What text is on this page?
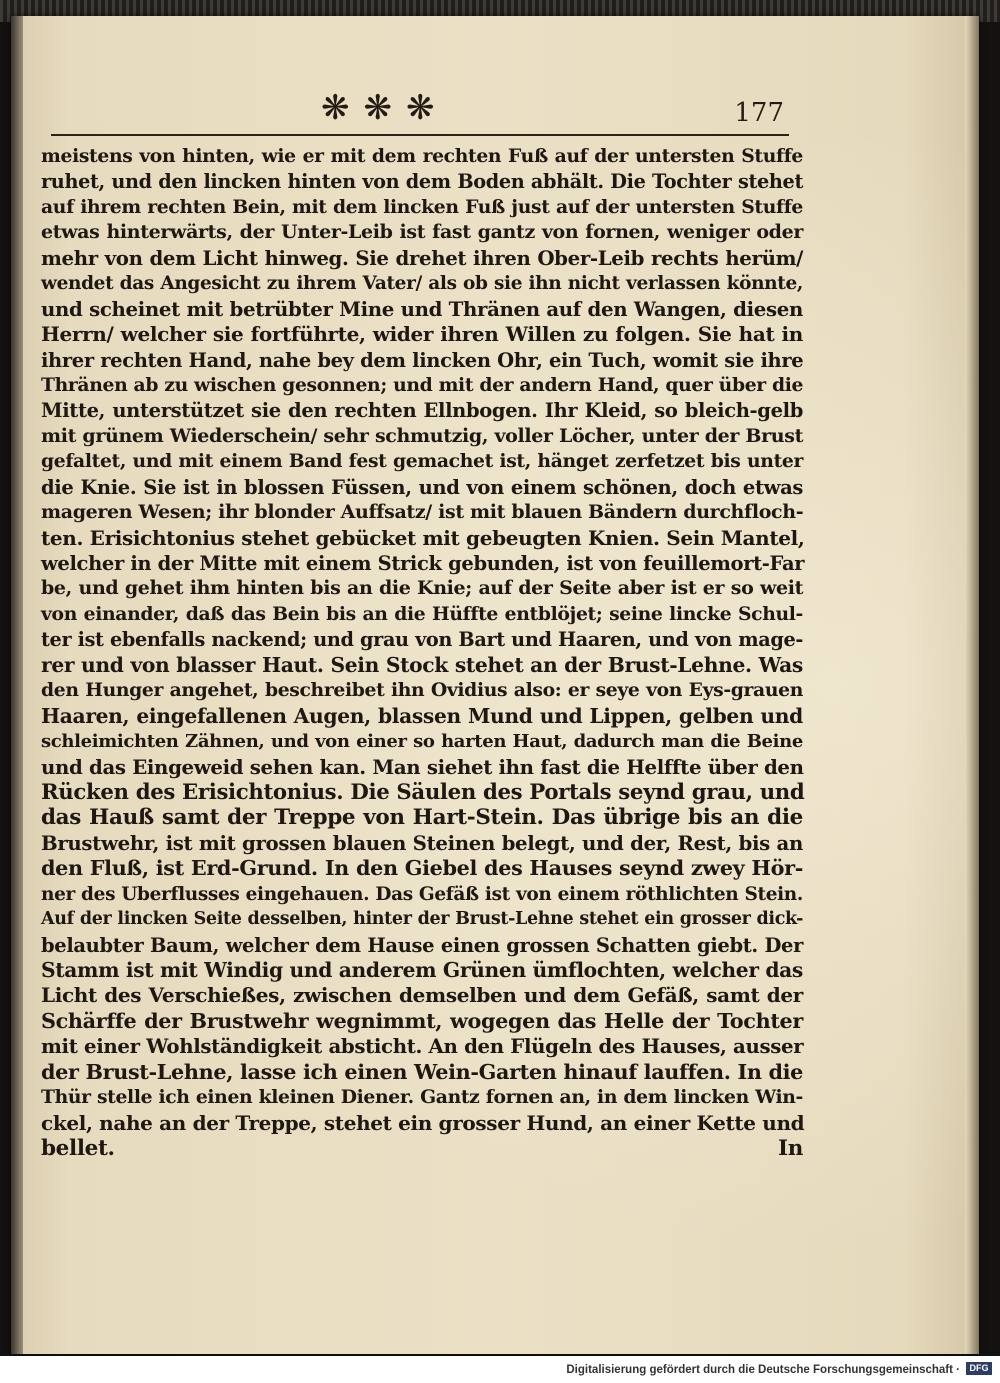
❋❋❋	177
meistens von hinten, wie er mit dem rechten Fuß auf der untersten Stuffe
ruhet, und den lincken hinten von dem Boden abhält. Die Tochter stehet
auf ihrem rechten Bein, mit dem lincken Fuß just auf der untersten Stuffe
etwas hinterwärts, der Unter-Leib ist fast gantz von fornen, weniger oder
mehr von dem Licht hinweg. Sie drehet ihren Ober-Leib rechts herüm/
wendet das Angesicht zu ihrem Vater/ als ob sie ihn nicht verlassen könnte,
und scheinet mit betrübter Mine und Thränen auf den Wangen, diesen
Herrn/ welcher sie fortführte, wider ihren Willen zu folgen. Sie hat in
ihrer rechten Hand, nahe bey dem lincken Ohr, ein Tuch, womit sie ihre
Thränen ab zu wischen gesonnen; und mit der andern Hand, quer über die
Mitte, unterstützet sie den rechten Ellnbogen. Ihr Kleid, so bleich-gelb
mit grünem Wiederschein/ sehr schmutzig, voller Löcher, unter der Brust
gefaltet, und mit einem Band fest gemachet ist, hänget zerfetzet bis unter
die Knie. Sie ist in blossen Füssen, und von einem schönen, doch etwas
mageren Wesen; ihr blonder Auffsatz/ ist mit blauen Bändern durchfloch-
ten. Erisichtonius stehet gebücket mit gebeugten Knien. Sein Mantel,
welcher in der Mitte mit einem Strick gebunden, ist von feuillemort-Far
be, und gehet ihm hinten bis an die Knie; auf der Seite aber ist er so weit
von einander, daß das Bein bis an die Hüffte entblöjet; seine lincke Schul-
ter ist ebenfalls nackend; und grau von Bart und Haaren, und von mage-
rer und von blasser Haut. Sein Stock stehet an der Brust-Lehne. Was
den Hunger angehet, beschreibet ihn Ovidius also: er seye von Eys-grauen
Haaren, eingefallenen Augen, blassen Mund und Lippen, gelben und
schleimichten Zähnen, und von einer so harten Haut, dadurch man die Beine
und das Eingeweid sehen kan. Man siehet ihn fast die Helffte über den
Rücken des Erisichtonius. Die Säulen des Portals seynd grau, und
das Hauß samt der Treppe von Hart-Stein. Das übrige bis an die
Brustwehr, ist mit grossen blauen Steinen belegt, und der, Rest, bis an
den Fluß, ist Erd-Grund. In den Giebel des Hauses seynd zwey Hör-
ner des Uberflusses eingehauen. Das Gefäß ist von einem röthlichten Stein.
Auf der lincken Seite desselben, hinter der Brust-Lehne stehet ein grosser dick-
belaubter Baum, welcher dem Hause einen grossen Schatten giebt. Der
Stamm ist mit Windig und anderem Grünen ümflochten, welcher das
Licht des Verschießes, zwischen demselben und dem Gefäß, samt der
Schärffe der Brustwehr wegnimmt, wogegen das Helle der Tochter
mit einer Wohlständigkeit absticht. An den Flügeln des Hauses, ausser
der Brust-Lehne, lasse ich einen Wein-Garten hinauf lauffen. In die
Thür stelle ich einen kleinen Diener. Gantz fornen an, in dem lincken Win-
ckel, nahe an der Treppe, stehet ein grosser Hund, an einer Kette und
bellet.	In
Digitalisierung gefördert durch die Deutsche Forschungsgemeinschaft ·	DFG
